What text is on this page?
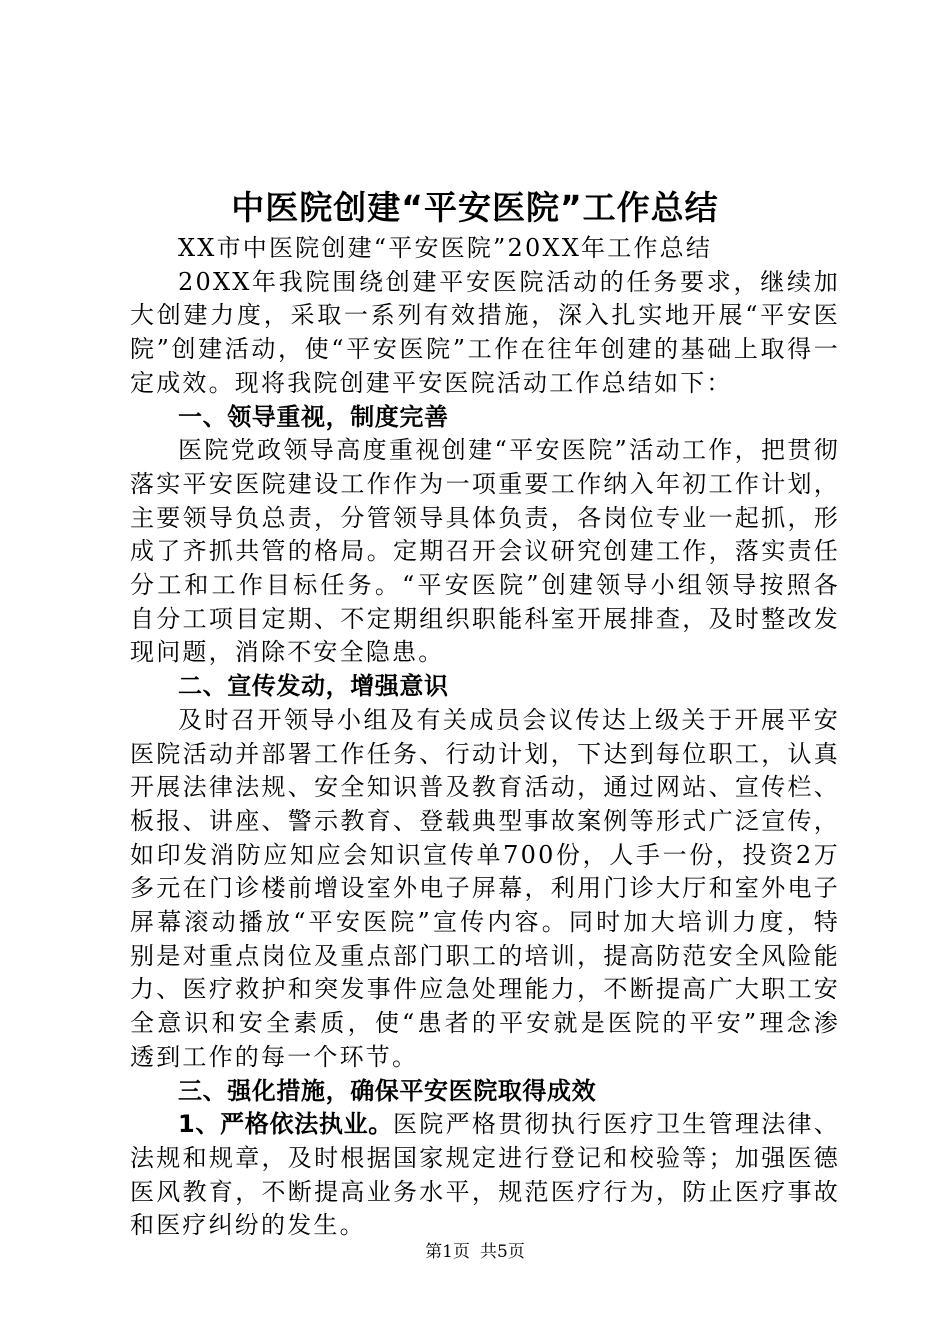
中医院创建“平安医院”工作总结

XX市中医院创建“平安医院”20XX年工作总结

20XX年我院围绕创建平安医院活动的任务要求，继续加大创建力度，采取一系列有效措施，深入扎实地开展“平安医院”创建活动，使“平安医院”工作在往年创建的基础上取得一定成效。现将我院创建平安医院活动工作总结如下：

一、领导重视，制度完善

医院党政领导高度重视创建“平安医院”活动工作，把贯彻落实平安医院建设工作作为一项重要工作纳入年初工作计划，主要领导负总责，分管领导具体负责，各岗位专业一起抓，形成了齐抓共管的格局。定期召开会议研究创建工作，落实责任分工和工作目标任务。“平安医院”创建领导小组领导按照各自分工项目定期、不定期组织职能科室开展排查，及时整改发现问题，消除不安全隐患。

二、宣传发动，增强意识

及时召开领导小组及有关成员会议传达上级关于开展平安医院活动并部署工作任务、行动计划，下达到每位职工，认真开展法律法规、安全知识普及教育活动，通过网站、宣传栏、板报、讲座、警示教育、登载典型事故案例等形式广泛宣传，如印发消防应知应会知识宣传单700份，人手一份，投资2万多元在门诊楼前增设室外电子屏幕，利用门诊大厅和室外电子屏幕滚动播放“平安医院”宣传内容。同时加大培训力度，特别是对重点岗位及重点部门职工的培训，提高防范安全风险能力、医疗救护和突发事件应急处理能力，不断提高广大职工安全意识和安全素质，使“患者的平安就是医院的平安”理念渗透到工作的每一个环节。

三、强化措施，确保平安医院取得成效

1、严格依法执业。医院严格贯彻执行医疗卫生管理法律、法规和规章，及时根据国家规定进行登记和校验等；加强医德医风教育，不断提高业务水平，规范医疗行为，防止医疗事故和医疗纠纷的发生。

第1页 共5页
